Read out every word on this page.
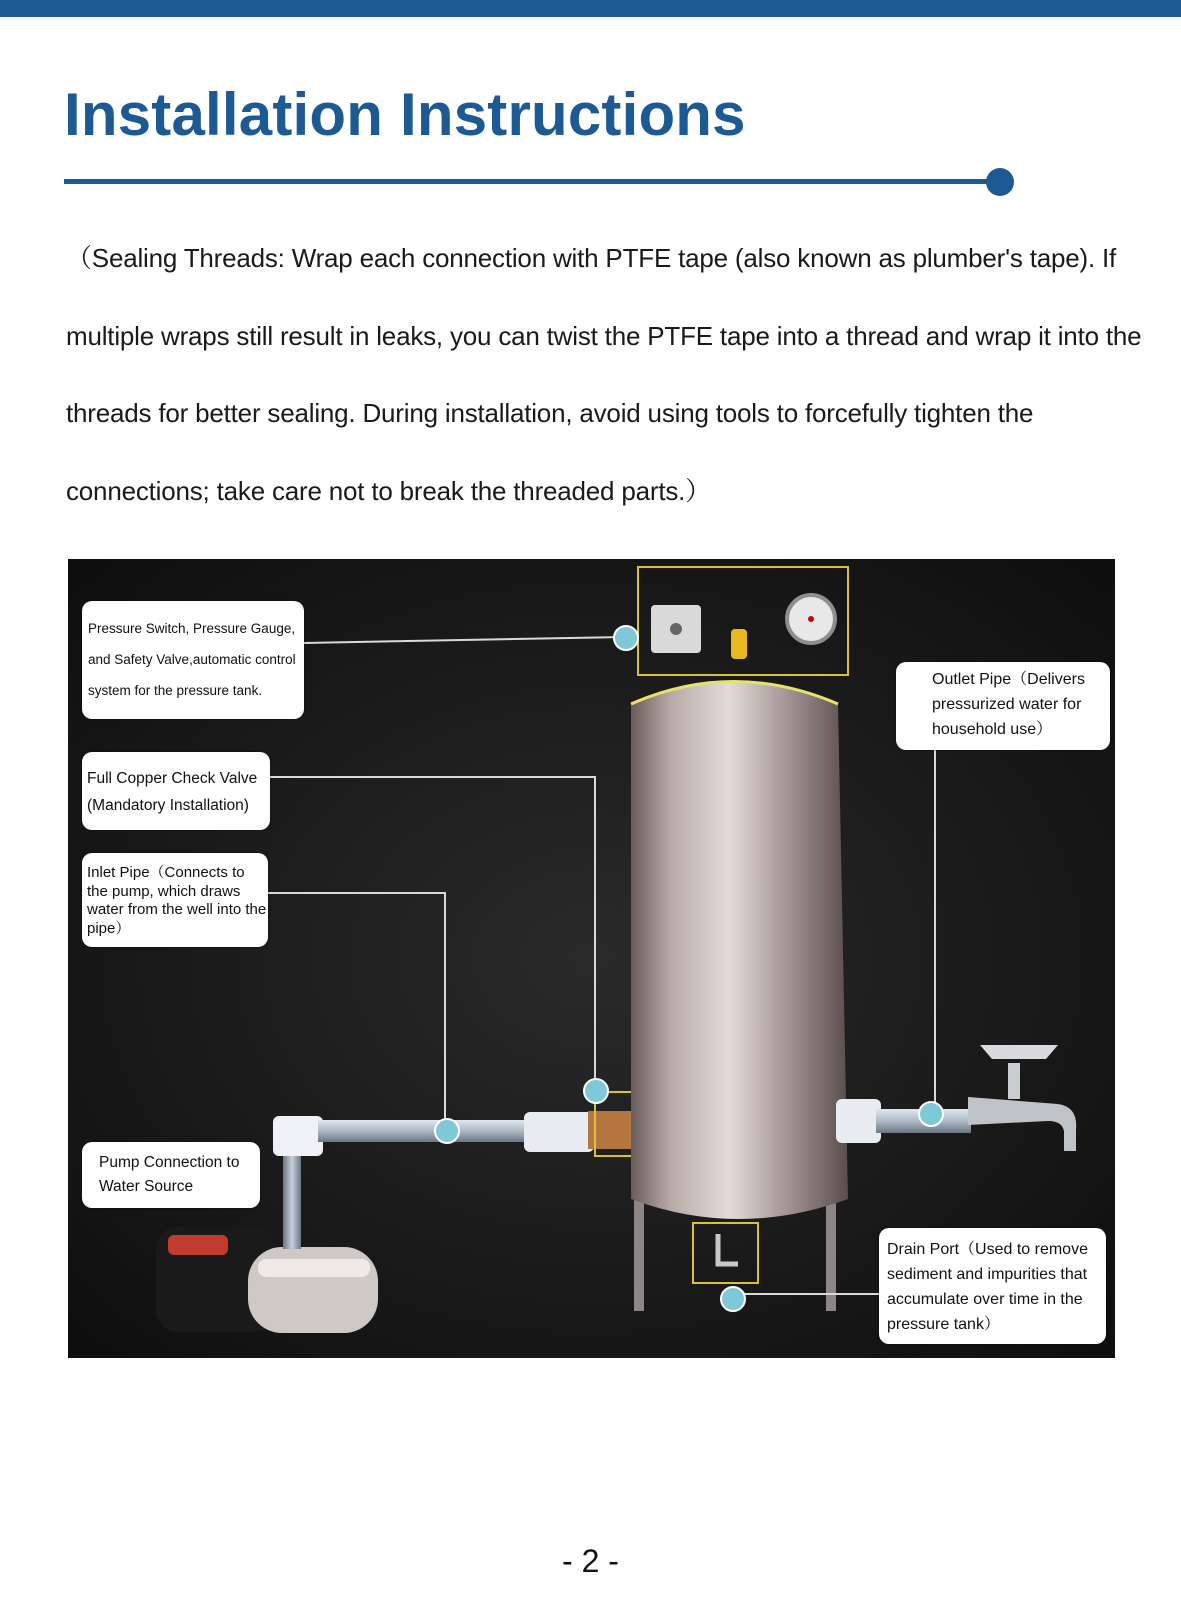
Installation Instructions

（Sealing Threads: Wrap each connection with PTFE tape (also known as plumber's tape). If multiple wraps still result in leaks, you can twist the PTFE tape into a thread and wrap it into the threads for better sealing. During installation, avoid using tools to forcefully tighten the connections; take care not to break the threaded parts.）

Pressure Switch, Pressure Gauge, and Safety Valve,automatic control system for the pressure tank.
Full Copper Check Valve (Mandatory Installation)
Inlet Pipe（Connects to the pump, which draws water from the well into the pipe）
Pump Connection to Water Source
Outlet Pipe（Delivers pressurized water for household use）
Drain Port（Used to remove sediment and impurities that accumulate over time in the pressure tank）
- 2 -
